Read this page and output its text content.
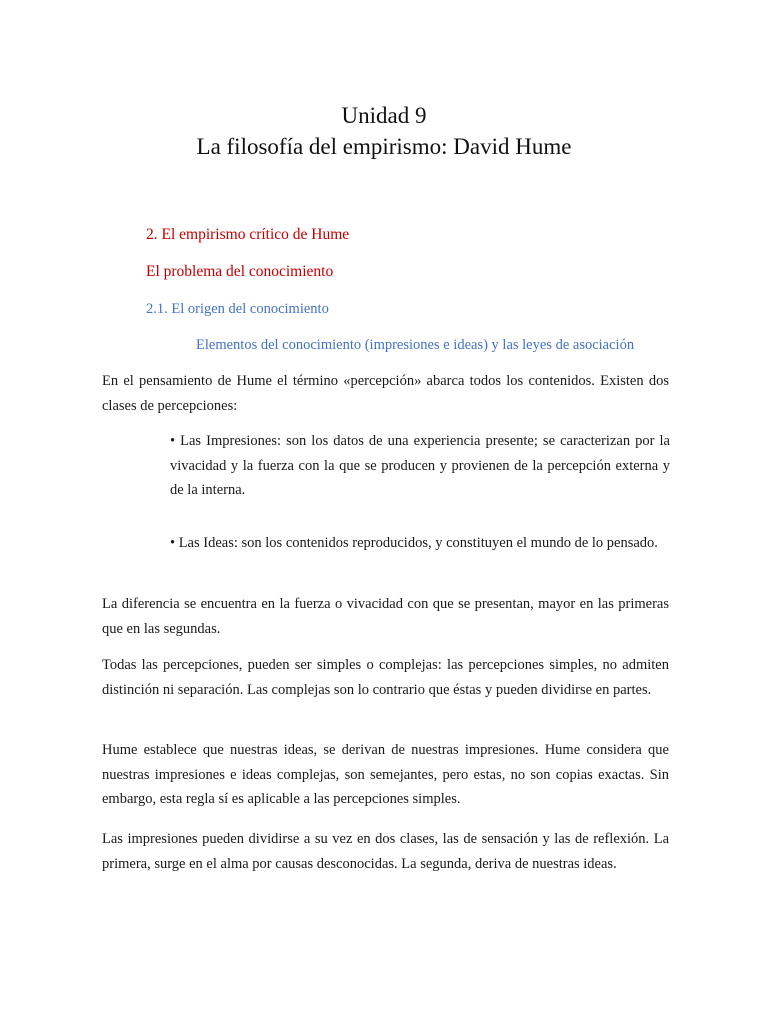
Unidad 9
La filosofía del empirismo: David Hume
2. El empirismo crítico de Hume
El problema del conocimiento
2.1. El origen del conocimiento
Elementos del conocimiento (impresiones e ideas) y las leyes de asociación

En el pensamiento de Hume el término «percepción» abarca todos los contenidos. Existen dos clases de percepciones:

• Las Impresiones: son los datos de una experiencia presente; se caracterizan por la vivacidad y la fuerza con la que se producen y provienen de la percepción externa y de la interna.

• Las Ideas: son los contenidos reproducidos, y constituyen el mundo de lo pensado.

La diferencia se encuentra en la fuerza o vivacidad con que se presentan, mayor en las primeras que en las segundas.

Todas las percepciones, pueden ser simples o complejas: las percepciones simples, no admiten distinción ni separación. Las complejas son lo contrario que éstas y pueden dividirse en partes.

Hume establece que nuestras ideas, se derivan de nuestras impresiones. Hume considera que nuestras impresiones e ideas complejas, son semejantes, pero estas, no son copias exactas. Sin embargo, esta regla sí es aplicable a las percepciones simples.

Las impresiones pueden dividirse a su vez en dos clases, las de sensación y las de reflexión. La primera, surge en el alma por causas desconocidas. La segunda, deriva de nuestras ideas.
